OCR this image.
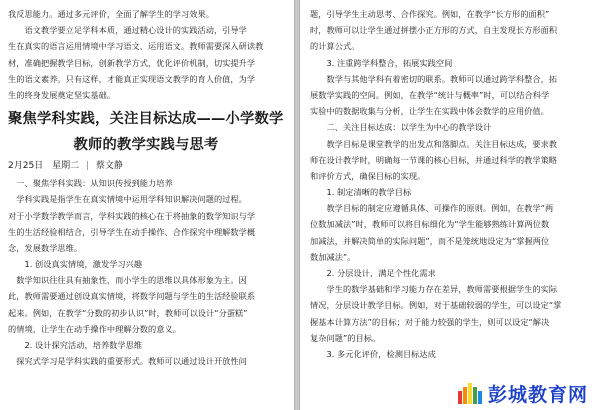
我反思能力。通过多元评价，全面了解学生的学习效果。
　　语文教学要立足学科本质，通过精心设计的实践活动，引导学
生在真实的语言运用情境中学习语文、运用语文。教师需要深入研读教
材，准确把握教学目标，创新教学方式，优化评价机制，切实提升学
生的语文素养。只有这样，才能真正实现语文教学的育人价值，为学
生的终身发展奠定坚实基础。
聚焦学科实践，关注目标达成——小学数学
教师的教学实践与思考
2月25日 星期二 | 蔡文静
　一、聚焦学科实践：从知识传授到能力培养
　学科实践是指学生在真实情境中运用学科知识解决问题的过程。
对于小学数学教学而言，学科实践的核心在于将抽象的数学知识与学
生的生活经验相结合，引导学生在动手操作、合作探究中理解数学概
念，发展数学思维。
　　1. 创设真实情境，激发学习兴趣
　数学知识往往具有抽象性，而小学生的思维以具体形象为主。因
此，教师需要通过创设真实情境，将数学问题与学生的生活经验联系
起来。例如，在教学“分数的初步认识”时，教师可以设计“分蛋糕”
的情境，让学生在动手操作中理解分数的意义。
　　2. 设计探究活动，培养数学思维
　探究式学习是学科实践的重要形式。教师可以通过设计开放性问
题，引导学生主动思考、合作探究。例如，在教学“长方形的面积”
时，教师可以让学生通过拼摆小正方形的方式，自主发现长方形面积
的计算公式。
　　3. 注重跨学科整合，拓展实践空间
　　数学与其他学科有着密切的联系。教师可以通过跨学科整合，拓
展数学实践的空间。例如，在教学“统计与概率”时，可以结合科学
实验中的数据收集与分析，让学生在实践中体会数学的应用价值。
　　二、关注目标达成：以学生为中心的教学设计
　　教学目标是课堂教学的出发点和落脚点。关注目标达成，要求教
师在设计教学时，明确每一节课的核心目标，并通过科学的教学策略
和评价方式，确保目标的实现。
　　1. 制定清晰的教学目标
　　教学目标的制定应遵循具体、可操作的原则。例如，在教学“两
位数加减法”时，教师可以将目标细化为“学生能够熟练计算两位数
加减法，并解决简单的实际问题”，而不是笼统地设定为“掌握两位
数加减法”。
　　2. 分层设计，满足个性化需求
　　学生的数学基础和学习能力存在差异，教师需要根据学生的实际
情况，分层设计教学目标。例如，对于基础较弱的学生，可以设定“掌
握基本计算方法”的目标；对于能力较强的学生，则可以设定“解决
复杂问题”的目标。
　　3. 多元化评价，检测目标达成
彭城教育网
